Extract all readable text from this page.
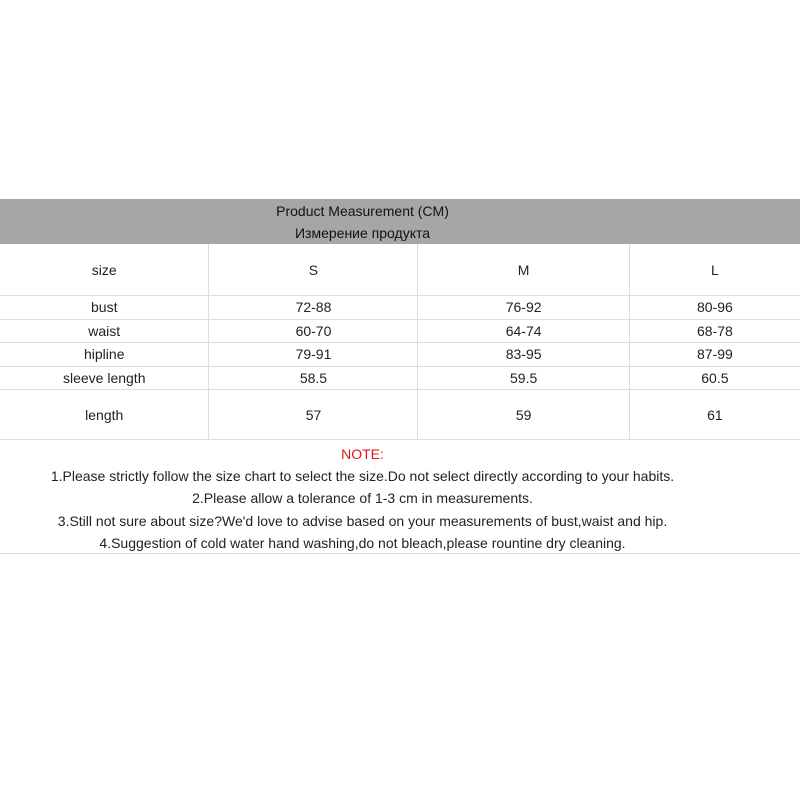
Product Measurement (CM)
Измерение продукта
size	S	M	L
bust	72-88	76-92	80-96
waist	60-70	64-74	68-78
hipline	79-91	83-95	87-99
sleeve length	58.5	59.5	60.5
length	57	59	61
NOTE:
1.Please strictly follow the size chart to select the size.Do not select directly according to your habits.
2.Please allow a tolerance of 1-3 cm in measurements.
3.Still not sure about size?We'd love to advise based on your measurements of bust,waist and hip.
4.Suggestion of cold water hand washing,do not bleach,please rountine dry cleaning.
